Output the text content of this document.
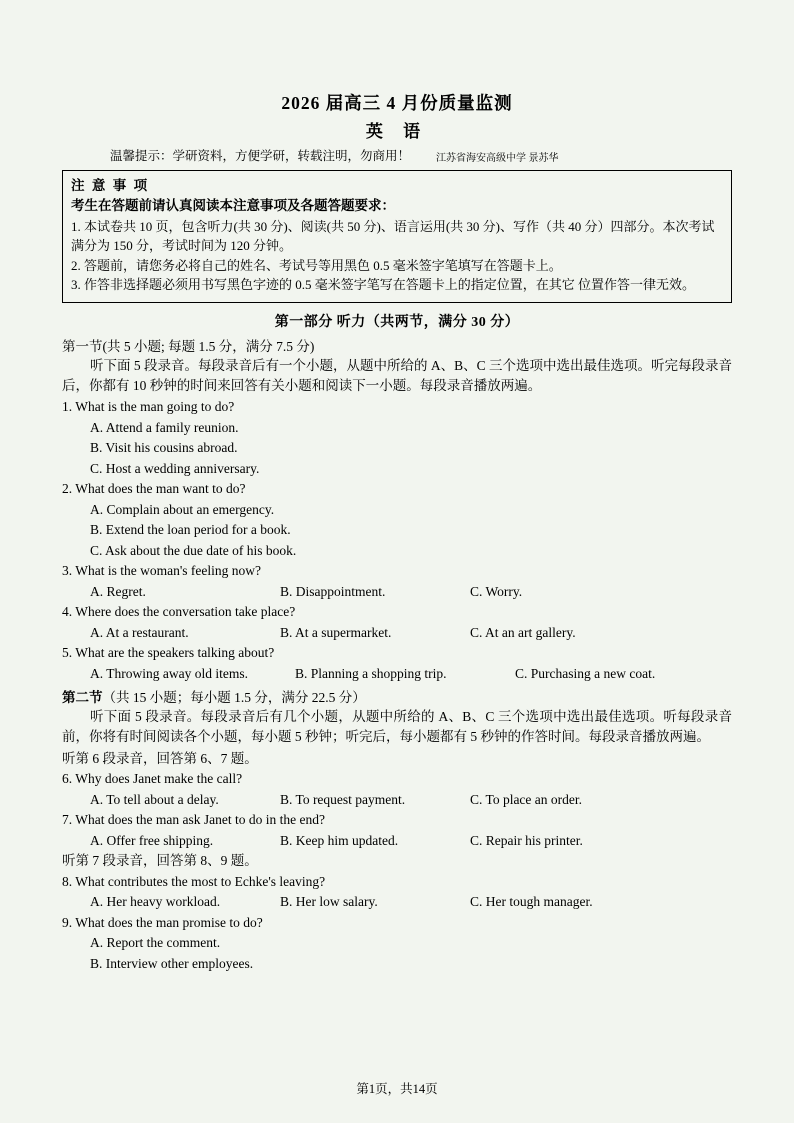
2026 届高三 4 月份质量监测
英 语
温馨提示：学研资料，方便学研，转载注明，勿商用！	江苏省海安高级中学 景苏华
注 意 事 项
考生在答题前请认真阅读本注意事项及各题答题要求：
1. 本试卷共 10 页，包含听力(共 30 分)、阅读(共 50 分)、语言运用(共 30 分)、写作（共 40 分）四部分。本次考试满分为 150 分，考试时间为 120 分钟。
2. 答题前，请您务必将自己的姓名、考试号等用黑色 0.5 毫米签字笔填写在答题卡上。
3. 作答非选择题必须用书写黑色字迹的 0.5 毫米签字笔写在答题卡上的指定位置，在其它 位置作答一律无效。
第一部分 听力（共两节，满分 30 分）
第一节(共 5 小题; 每题 1.5 分，满分 7.5 分)
听下面 5 段录音。每段录音后有一个小题，从题中所给的 A、B、C 三个选项中选出最佳选项。听完每段录音后，你都有 10 秒钟的时间来回答有关小题和阅读下一小题。每段录音播放两遍。
1. What is the man going to do?
A. Attend a family reunion.
B. Visit his cousins abroad.
C. Host a wedding anniversary.
2. What does the man want to do?
A. Complain about an emergency.
B. Extend the loan period for a book.
C. Ask about the due date of his book.
3. What is the woman's feeling now?
A. Regret.	B. Disappointment.	C. Worry.
4. Where does the conversation take place?
A. At a restaurant.	B. At a supermarket.	C. At an art gallery.
5. What are the speakers talking about?
A. Throwing away old items.	B. Planning a shopping trip.	C. Purchasing a new coat.
第二节（共 15 小题；每小题 1.5 分，满分 22.5 分）
听下面 5 段录音。每段录音后有几个小题，从题中所给的 A、B、C 三个选项中选出最佳选项。听每段录音前，你将有时间阅读各个小题，每小题 5 秒钟；听完后，每小题都有 5 秒钟的作答时间。每段录音播放两遍。
听第 6 段录音，回答第 6、7 题。
6. Why does Janet make the call?
A. To tell about a delay.	B. To request payment.	C. To place an order.
7. What does the man ask Janet to do in the end?
A. Offer free shipping.	B. Keep him updated.	C. Repair his printer.
听第 7 段录音，回答第 8、9 题。
8. What contributes the most to Echke's leaving?
A. Her heavy workload.	B. Her low salary.	C. Her tough manager.
9. What does the man promise to do?
A. Report the comment.
B. Interview other employees.
第1页，共14页
